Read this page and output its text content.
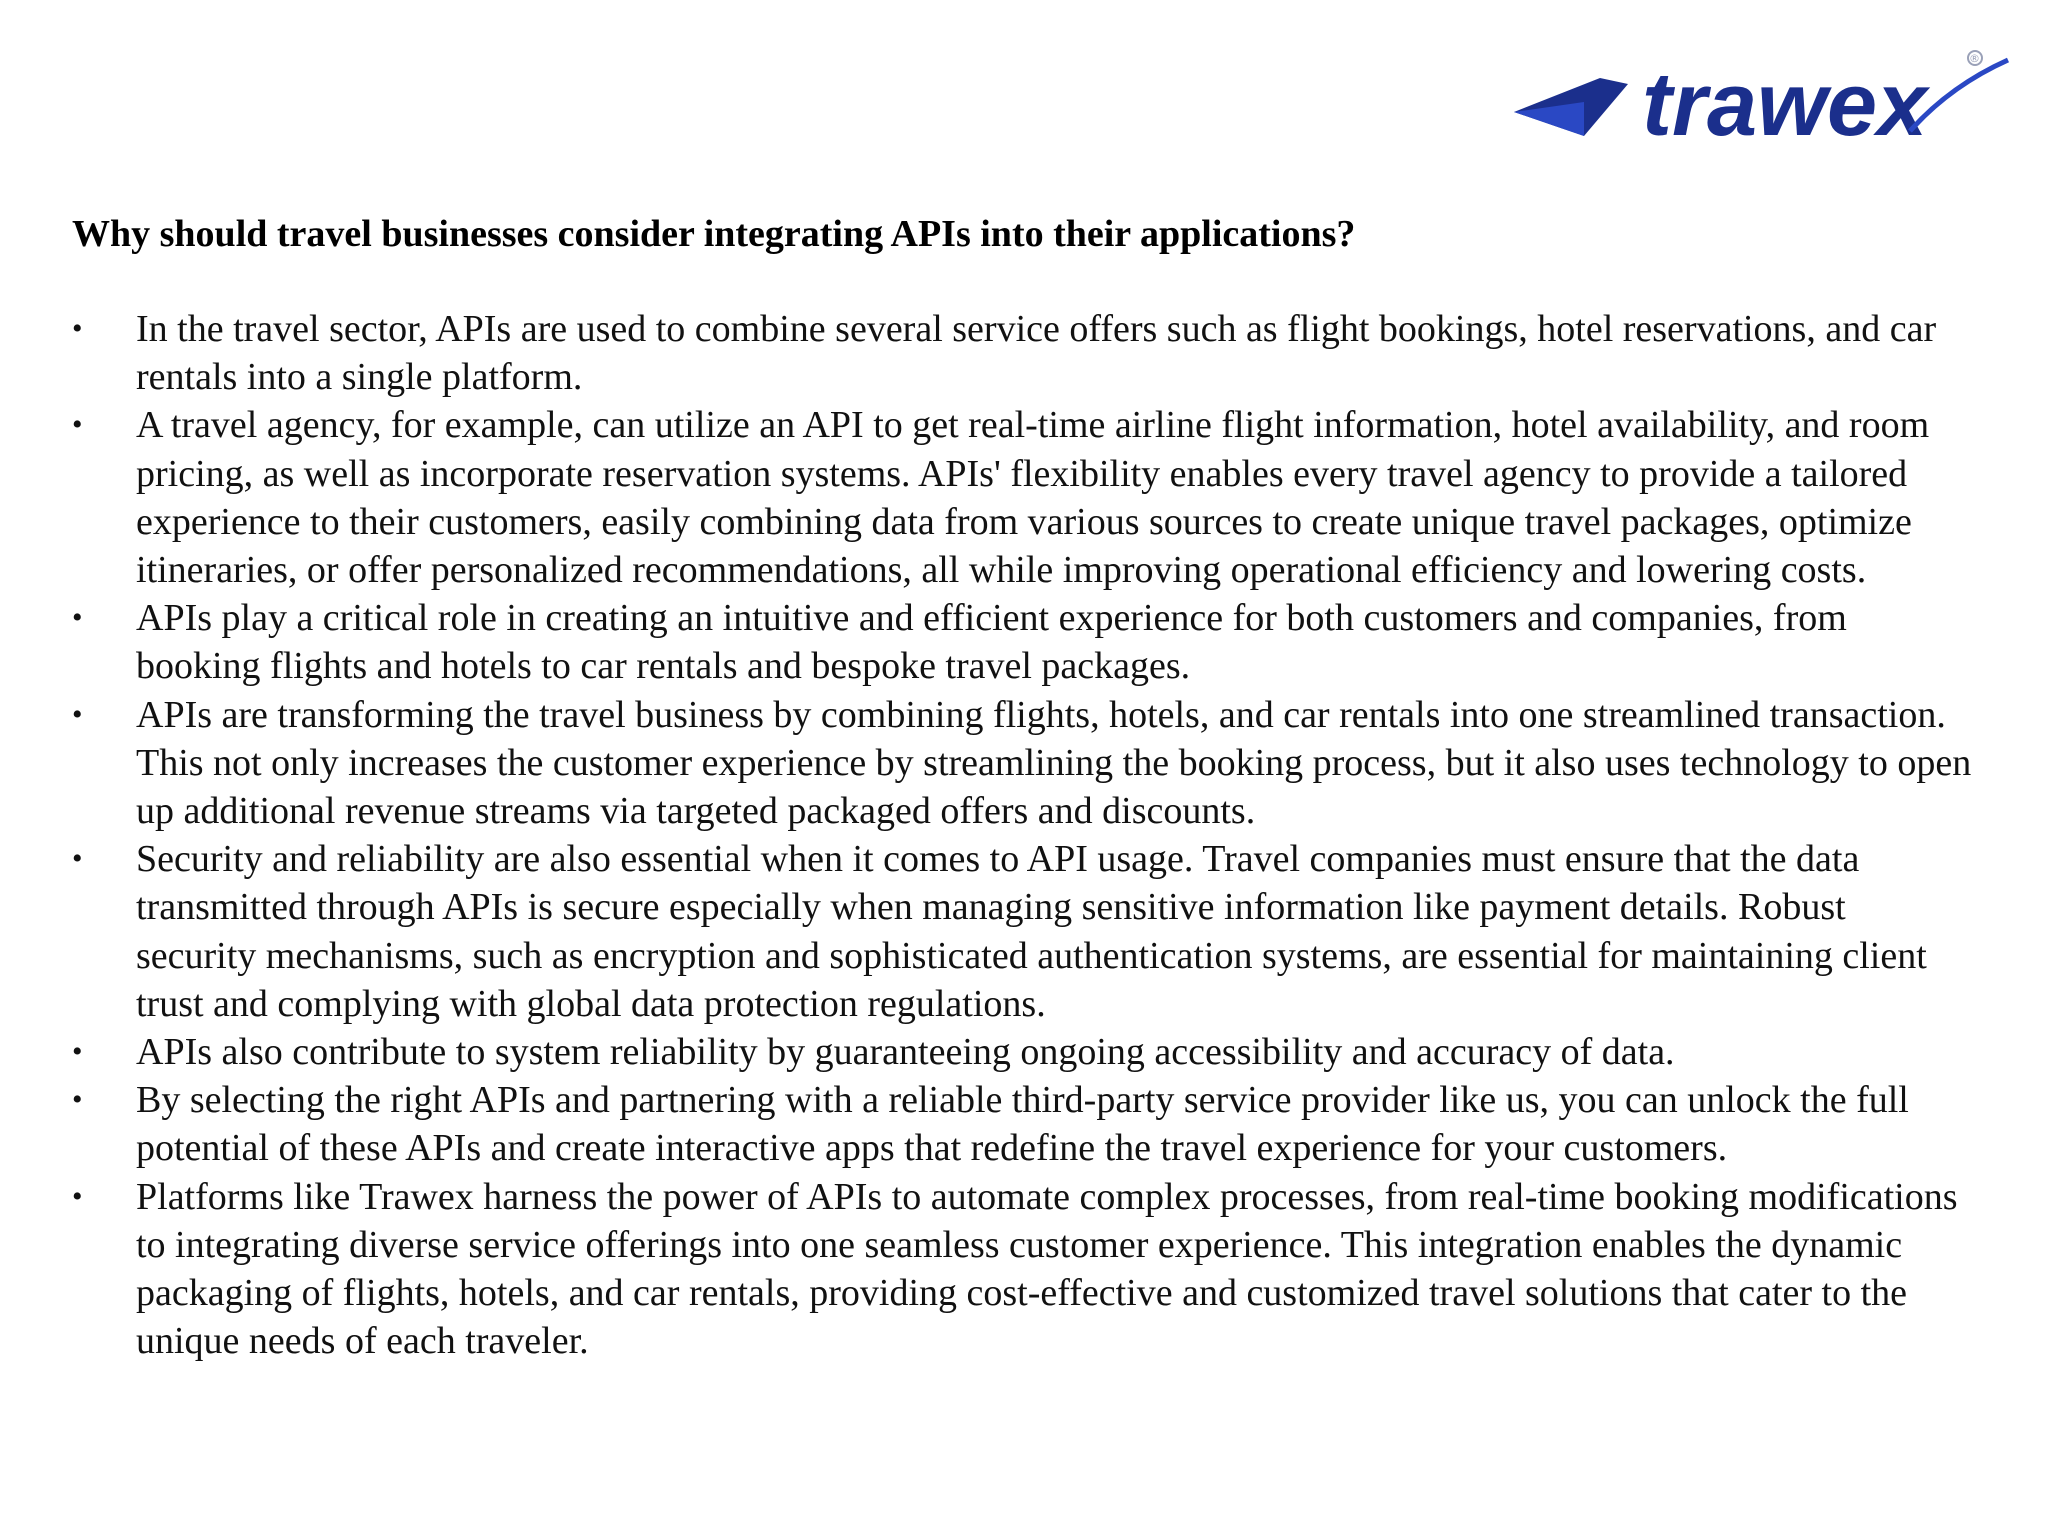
trawex	®
Why should travel businesses consider integrating APIs into their applications?
• In the travel sector, APIs are used to combine several service offers such as flight bookings, hotel reservations, and car rentals into a single platform.
• A travel agency, for example, can utilize an API to get real-time airline flight information, hotel availability, and room pricing, as well as incorporate reservation systems. APIs' flexibility enables every travel agency to provide a tailored experience to their customers, easily combining data from various sources to create unique travel packages, optimize itineraries, or offer personalized recommendations, all while improving operational efficiency and lowering costs.
• APIs play a critical role in creating an intuitive and efficient experience for both customers and companies, from booking flights and hotels to car rentals and bespoke travel packages.
• APIs are transforming the travel business by combining flights, hotels, and car rentals into one streamlined transaction. This not only increases the customer experience by streamlining the booking process, but it also uses technology to open up additional revenue streams via targeted packaged offers and discounts.
• Security and reliability are also essential when it comes to API usage. Travel companies must ensure that the data transmitted through APIs is secure especially when managing sensitive information like payment details. Robust security mechanisms, such as encryption and sophisticated authentication systems, are essential for maintaining client trust and complying with global data protection regulations.
• APIs also contribute to system reliability by guaranteeing ongoing accessibility and accuracy of data.
• By selecting the right APIs and partnering with a reliable third-party service provider like us, you can unlock the full potential of these APIs and create interactive apps that redefine the travel experience for your customers.
• Platforms like Trawex harness the power of APIs to automate complex processes, from real-time booking modifications to integrating diverse service offerings into one seamless customer experience. This integration enables the dynamic packaging of flights, hotels, and car rentals, providing cost-effective and customized travel solutions that cater to the unique needs of each traveler.
